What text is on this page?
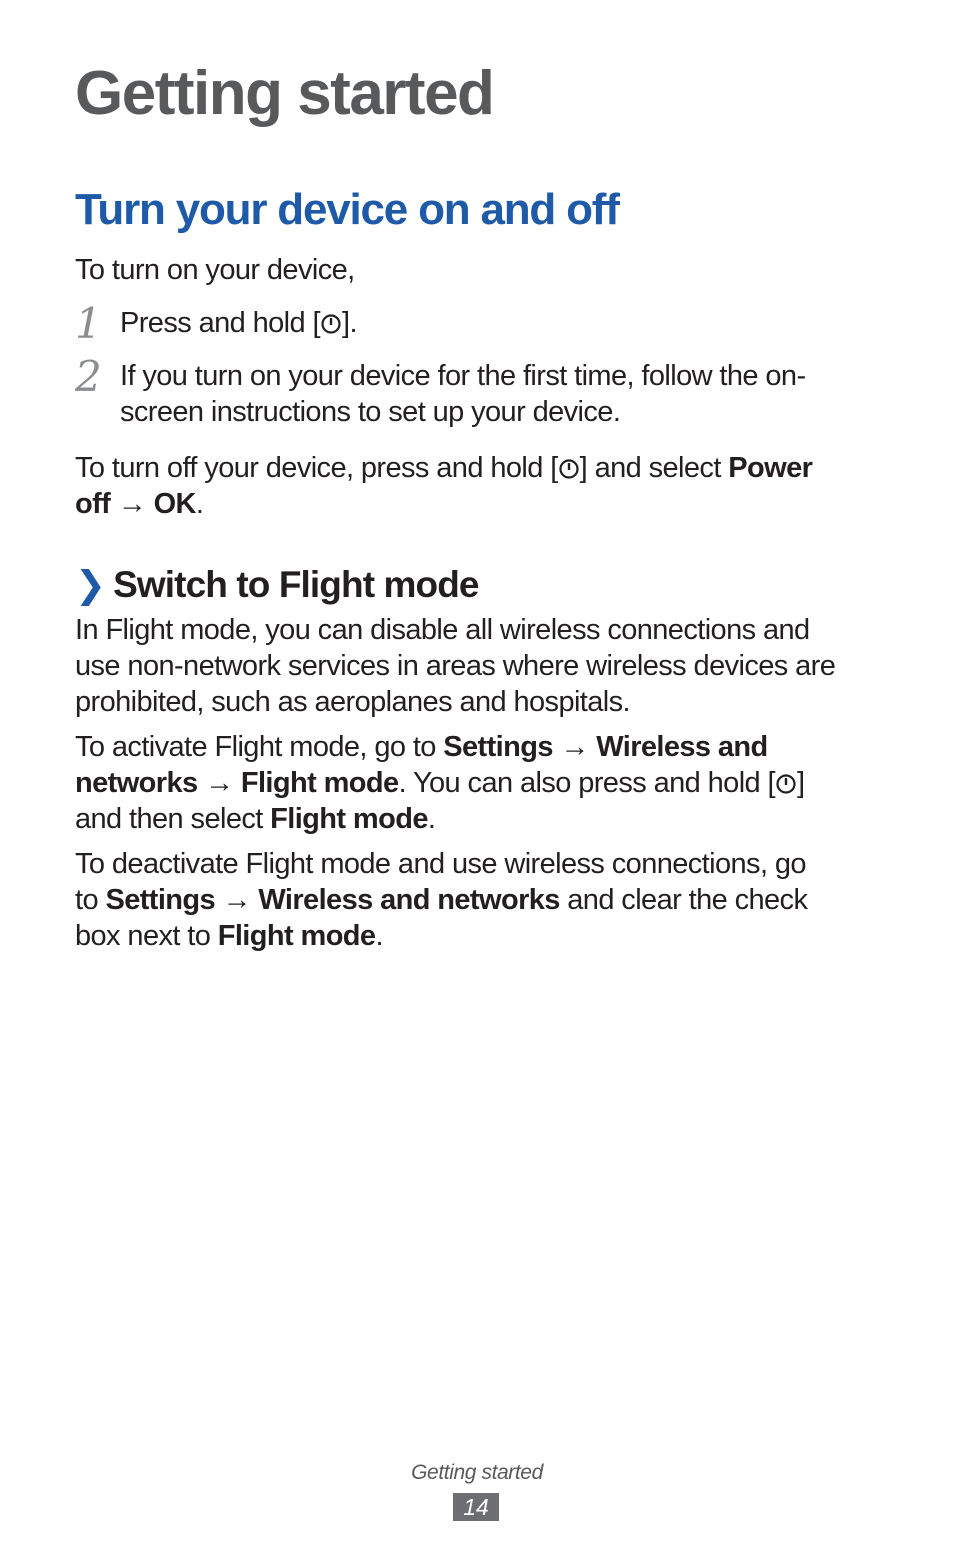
Getting started
Turn your device on and off

To turn on your device,

1 Press and hold [ ].

2 If you turn on your device for the first time, follow the on-
screen instructions to set up your device.

To turn off your device, press and hold [ ] and select Power
off → OK.

❯ Switch to Flight mode

In Flight mode, you can disable all wireless connections and
use non-network services in areas where wireless devices are
prohibited, such as aeroplanes and hospitals.

To activate Flight mode, go to Settings → Wireless and
networks → Flight mode. You can also press and hold [ ]
and then select Flight mode.

To deactivate Flight mode and use wireless connections, go
to Settings → Wireless and networks and clear the check
box next to Flight mode.

Getting started
14
